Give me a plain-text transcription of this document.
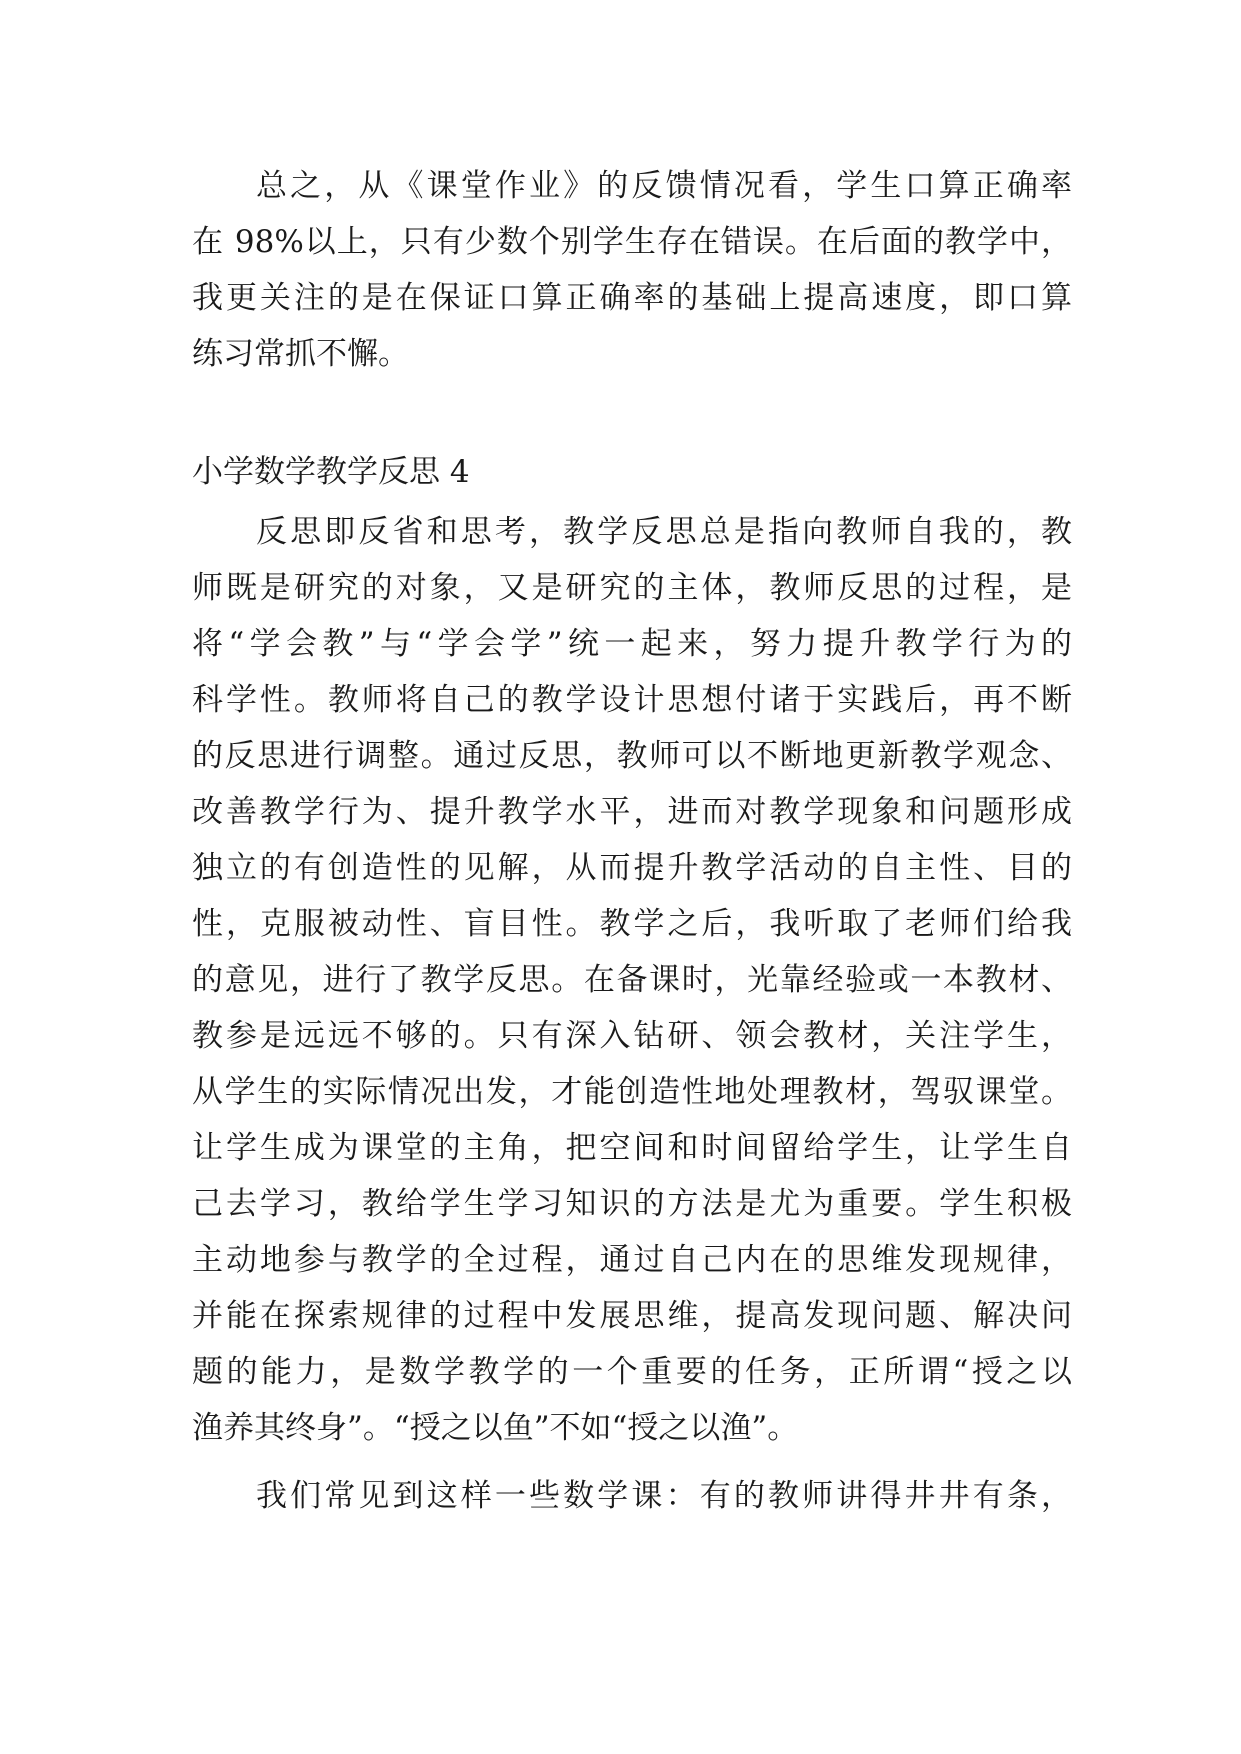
总之，从《课堂作业》的反馈情况看，学生口算正确率
在 98%以上，只有少数个别学生存在错误。在后面的教学中，
我更关注的是在保证口算正确率的基础上提高速度，即口算
练习常抓不懈。
小学数学教学反思 4
反思即反省和思考，教学反思总是指向教师自我的，教
师既是研究的对象，又是研究的主体，教师反思的过程，是
将“学会教”与“学会学”统一起来，努力提升教学行为的
科学性。教师将自己的教学设计思想付诸于实践后，再不断
的反思进行调整。通过反思，教师可以不断地更新教学观念、
改善教学行为、提升教学水平，进而对教学现象和问题形成
独立的有创造性的见解，从而提升教学活动的自主性、目的
性，克服被动性、盲目性。教学之后，我听取了老师们给我
的意见，进行了教学反思。在备课时，光靠经验或一本教材、
教参是远远不够的。只有深入钻研、领会教材，关注学生，
从学生的实际情况出发，才能创造性地处理教材，驾驭课堂。
让学生成为课堂的主角，把空间和时间留给学生，让学生自
己去学习，教给学生学习知识的方法是尤为重要。学生积极
主动地参与教学的全过程，通过自己内在的思维发现规律，
并能在探索规律的过程中发展思维，提高发现问题、解决问
题的能力，是数学教学的一个重要的任务，正所谓“授之以
渔养其终身”。“授之以鱼”不如“授之以渔”。
我们常见到这样一些数学课：有的教师讲得井井有条，
